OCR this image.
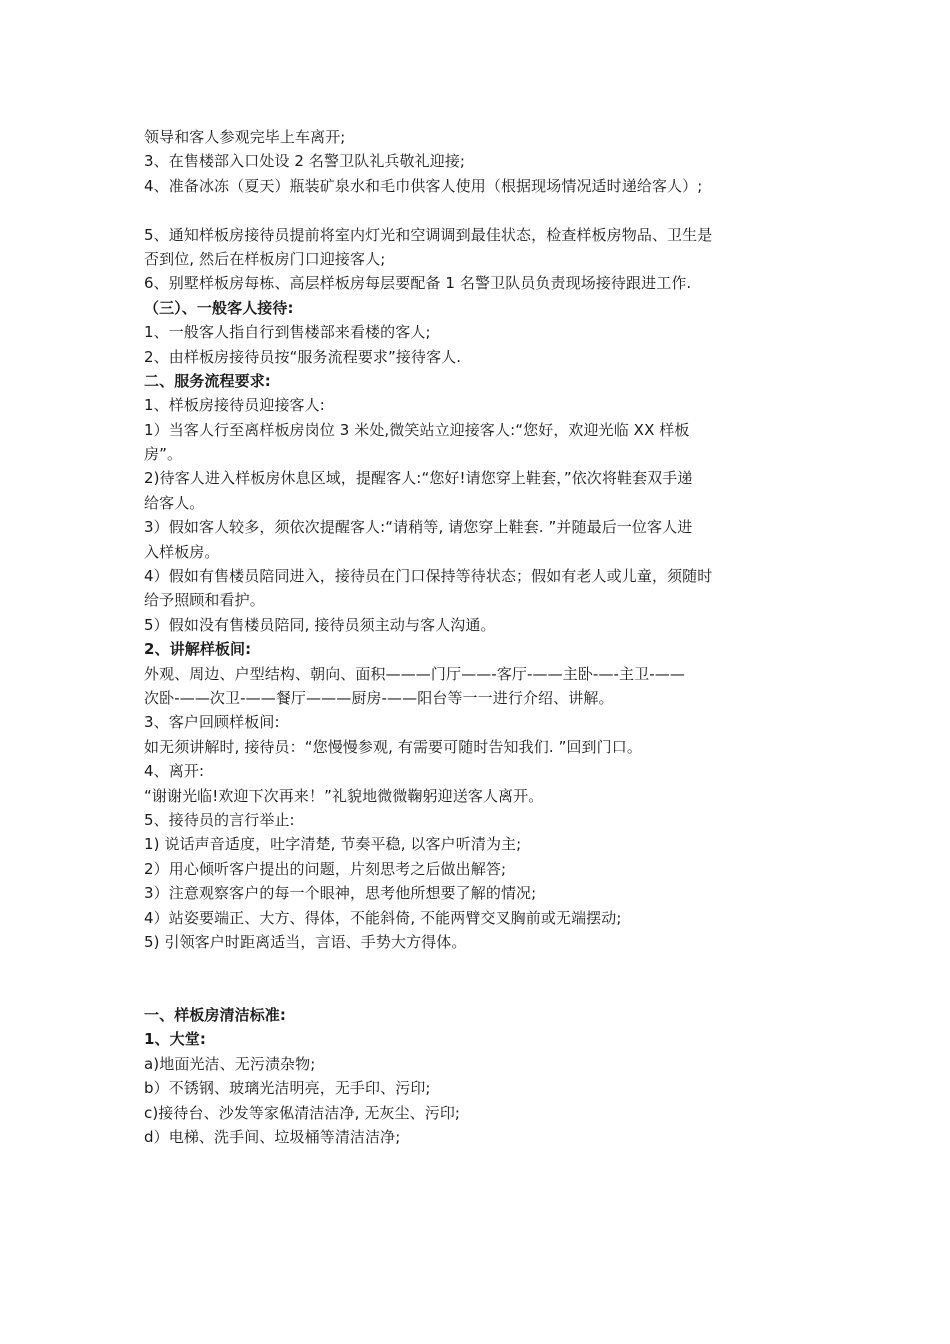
领导和客人参观完毕上车离开;
3、在售楼部入口处设 2 名警卫队礼兵敬礼迎接;
4、准备冰冻（夏天）瓶装矿泉水和毛巾供客人使用（根据现场情况适时递给客人）;
5、通知样板房接待员提前将室内灯光和空调调到最佳状态，检查样板房物品、卫生是
否到位, 然后在样板房门口迎接客人;
6、别墅样板房每栋、高层样板房每层要配备 1 名警卫队员负责现场接待跟进工作.
（三）、一般客人接待:
1、一般客人指自行到售楼部来看楼的客人;
2、由样板房接待员按“服务流程要求”接待客人.
二、服务流程要求:
1、样板房接待员迎接客人:
1）当客人行至离样板房岗位 3 米处,微笑站立迎接客人:“您好，欢迎光临 XX 样板
房”。
2)待客人进入样板房休息区域，提醒客人:“您好!请您穿上鞋套，”依次将鞋套双手递
给客人。
3）假如客人较多，须依次提醒客人:“请稍等, 请您穿上鞋套. ”并随最后一位客人进
入样板房。
4）假如有售楼员陪同进入，接待员在门口保持等待状态；假如有老人或儿童，须随时
给予照顾和看护。
5）假如没有售楼员陪同, 接待员须主动与客人沟通。
2、讲解样板间:
外观、周边、户型结构、朝向、面积———门厅——-客厅-——主卧-—-主卫-——
次卧-——次卫-——餐厅———厨房-——阳台等一一进行介绍、讲解。
3、客户回顾样板间:
如无须讲解时, 接待员：“您慢慢参观, 有需要可随时告知我们. ”回到门口。
4、离开:
“谢谢光临!欢迎下次再来！”礼貌地微微鞠躬迎送客人离开。
5、接待员的言行举止:
1) 说话声音适度，吐字清楚, 节奏平稳, 以客户听清为主;
2）用心倾听客户提出的问题，片刻思考之后做出解答;
3）注意观察客户的每一个眼神，思考他所想要了解的情况;
4）站姿要端正、大方、得体，不能斜倚, 不能两臂交叉胸前或无端摆动;
5) 引领客户时距离适当，言语、手势大方得体。
一、样板房清洁标准:
1、大堂:
a)地面光洁、无污渍杂物;
b）不锈钢、玻璃光洁明亮，无手印、污印;
c)接待台、沙发等家俬清洁洁净, 无灰尘、污印;
d）电梯、洗手间、垃圾桶等清洁洁净;
